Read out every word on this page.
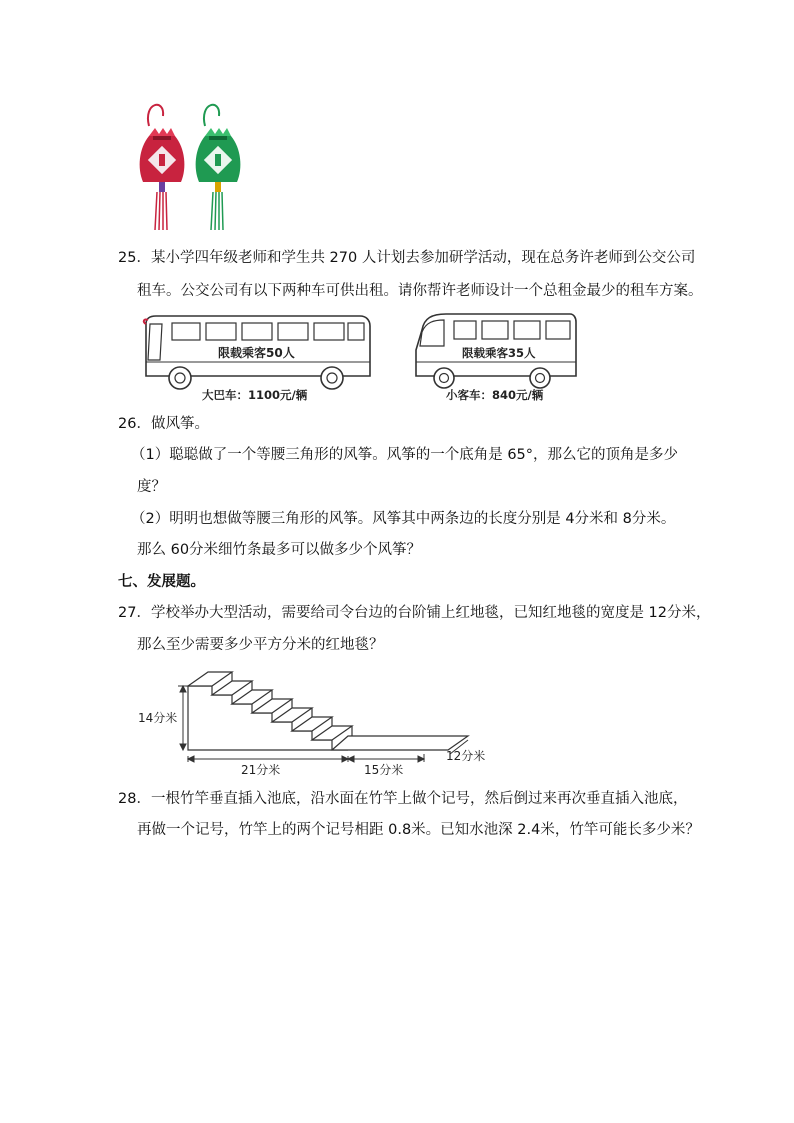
25．某小学四年级老师和学生共 270 人计划去参加研学活动，现在总务许老师到公交公司
租车。公交公司有以下两种车可供出租。请你帮许老师设计一个总租金最少的租车方案。
限载乘客50人
大巴车：1100元/辆
限载乘客35人
小客车：840元/辆
26．做风筝。
（1）聪聪做了一个等腰三角形的风筝。风筝的一个底角是 65°，那么它的顶角是多少
度？
（2）明明也想做等腰三角形的风筝。风筝其中两条边的长度分别是 4分米和 8分米。
那么 60分米细竹条最多可以做多少个风筝？
七、发展题。
27．学校举办大型活动，需要给司令台边的台阶铺上红地毯，已知红地毯的宽度是 12分米，
那么至少需要多少平方分米的红地毯？
14分米
21分米	15分米
12分米
28．一根竹竿垂直插入池底，沿水面在竹竿上做个记号，然后倒过来再次垂直插入池底，
再做一个记号，竹竿上的两个记号相距 0.8米。已知水池深 2.4米，竹竿可能长多少米？
